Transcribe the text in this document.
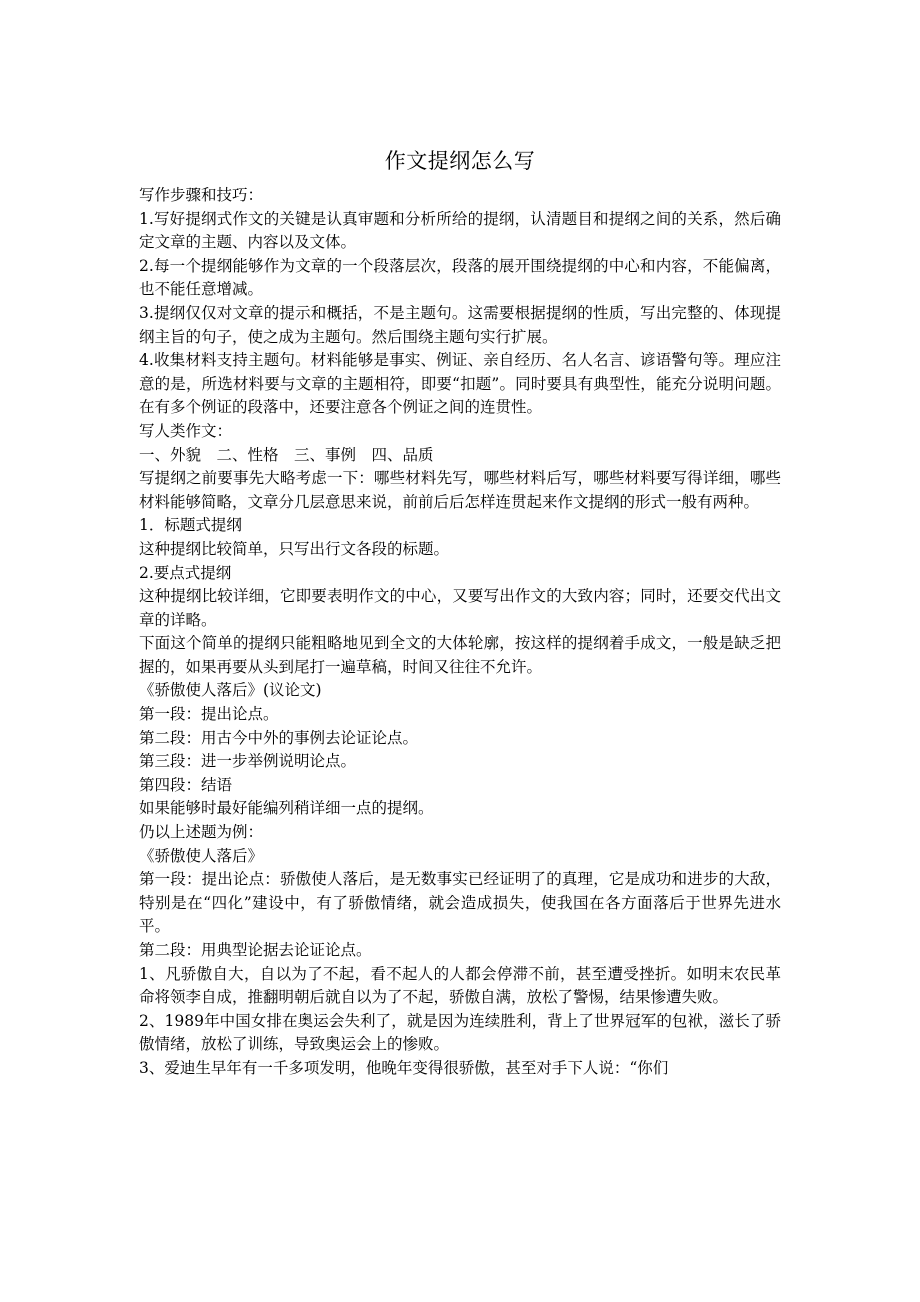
作文提纲怎么写

写作步骤和技巧：

1.写好提纲式作文的关键是认真审题和分析所给的提纲，认清题目和提纲之间的关系，然后确定文章的主题、内容以及文体。

2.每一个提纲能够作为文章的一个段落层次，段落的展开围绕提纲的中心和内容，不能偏离，也不能任意增减。

3.提纲仅仅对文章的提示和概括，不是主题句。这需要根据提纲的性质，写出完整的、体现提纲主旨的句子，使之成为主题句。然后围绕主题句实行扩展。

4.收集材料支持主题句。材料能够是事实、例证、亲自经历、名人名言、谚语警句等。理应注意的是，所选材料要与文章的主题相符，即要“扣题”。同时要具有典型性，能充分说明问题。在有多个例证的段落中，还要注意各个例证之间的连贯性。

写人类作文：

一、外貌　二、性格　三、事例　四、品质

写提纲之前要事先大略考虑一下：哪些材料先写，哪些材料后写，哪些材料要写得详细，哪些材料能够简略，文章分几层意思来说，前前后后怎样连贯起来作文提纲的形式一般有两种。

1．标题式提纲

这种提纲比较简单，只写出行文各段的标题。

2.要点式提纲

这种提纲比较详细，它即要表明作文的中心，又要写出作文的大致内容；同时，还要交代出文章的详略。

下面这个简单的提纲只能粗略地见到全文的大体轮廓，按这样的提纲着手成文，一般是缺乏把握的，如果再要从头到尾打一遍草稿，时间又往往不允许。

《骄傲使人落后》(议论文)

第一段：提出论点。

第二段：用古今中外的事例去论证论点。

第三段：进一步举例说明论点。

第四段：结语

如果能够时最好能编列稍详细一点的提纲。

仍以上述题为例：

《骄傲使人落后》

第一段：提出论点：骄傲使人落后，是无数事实已经证明了的真理，它是成功和进步的大敌，特别是在“四化”建设中，有了骄傲情绪，就会造成损失，使我国在各方面落后于世界先进水平。

第二段：用典型论据去论证论点。

1、凡骄傲自大，自以为了不起，看不起人的人都会停滞不前，甚至遭受挫折。如明末农民革命将领李自成，推翻明朝后就自以为了不起，骄傲自满，放松了警惕，结果惨遭失败。

2、1989年中国女排在奥运会失利了，就是因为连续胜利，背上了世界冠军的包袱，滋长了骄傲情绪，放松了训练，导致奥运会上的惨败。

3、爱迪生早年有一千多项发明，他晚年变得很骄傲，甚至对手下人说：“你们
